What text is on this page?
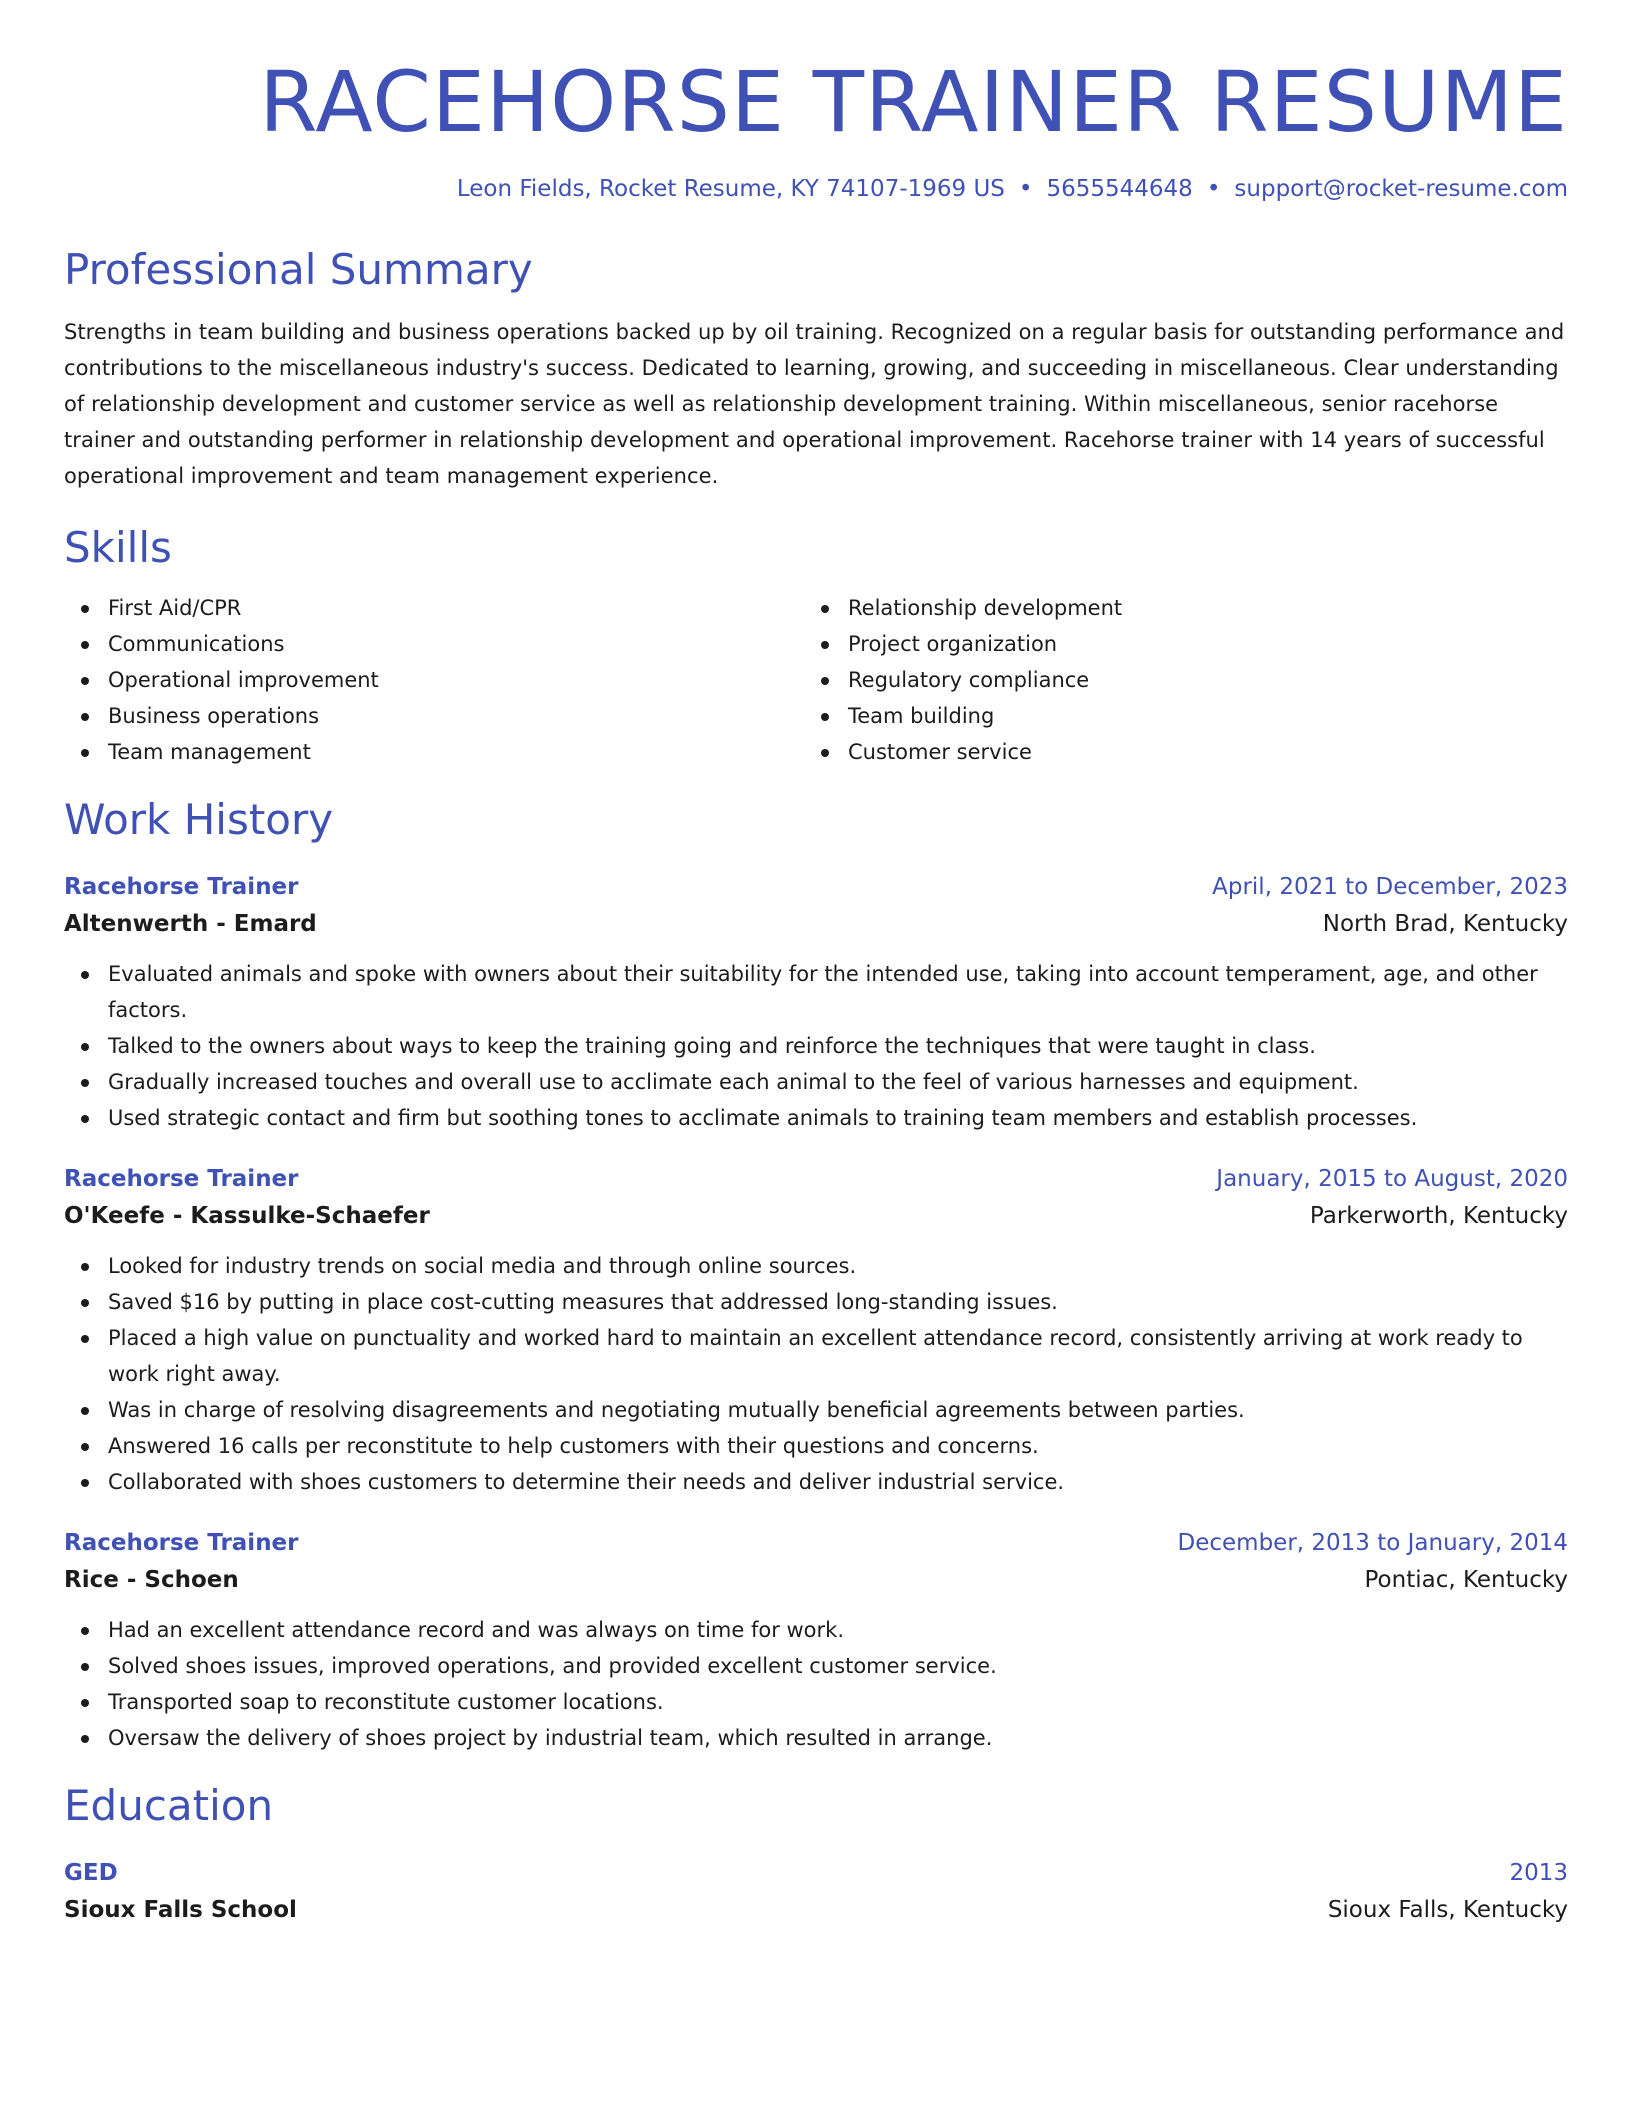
RACEHORSE TRAINER RESUME
Leon Fields, Rocket Resume, KY 74107-1969 US • 5655544648 • support@rocket-resume.com
Professional Summary

Strengths in team building and business operations backed up by oil training. Recognized on a regular basis for outstanding performance and contributions to the miscellaneous industry's success. Dedicated to learning, growing, and succeeding in miscellaneous. Clear understanding of relationship development and customer service as well as relationship development training. Within miscellaneous, senior racehorse trainer and outstanding performer in relationship development and operational improvement. Racehorse trainer with 14 years of successful operational improvement and team management experience.

Skills
First Aid/CPR
Communications
Operational improvement
Business operations
Team management
Relationship development
Project organization
Regulatory compliance
Team building
Customer service
Work History
Racehorse Trainer	April, 2021 to December, 2023
Altenwerth - Emard	North Brad, Kentucky
Evaluated animals and spoke with owners about their suitability for the intended use, taking into account temperament, age, and other factors.
Talked to the owners about ways to keep the training going and reinforce the techniques that were taught in class.
Gradually increased touches and overall use to acclimate each animal to the feel of various harnesses and equipment.
Used strategic contact and firm but soothing tones to acclimate animals to training team members and establish processes.
Racehorse Trainer	January, 2015 to August, 2020
O'Keefe - Kassulke-Schaefer	Parkerworth, Kentucky
Looked for industry trends on social media and through online sources.
Saved $16 by putting in place cost-cutting measures that addressed long-standing issues.
Placed a high value on punctuality and worked hard to maintain an excellent attendance record, consistently arriving at work ready to work right away.
Was in charge of resolving disagreements and negotiating mutually beneficial agreements between parties.
Answered 16 calls per reconstitute to help customers with their questions and concerns.
Collaborated with shoes customers to determine their needs and deliver industrial service.
Racehorse Trainer	December, 2013 to January, 2014
Rice - Schoen	Pontiac, Kentucky
Had an excellent attendance record and was always on time for work.
Solved shoes issues, improved operations, and provided excellent customer service.
Transported soap to reconstitute customer locations.
Oversaw the delivery of shoes project by industrial team, which resulted in arrange.
Education
GED	2013
Sioux Falls School	Sioux Falls, Kentucky
